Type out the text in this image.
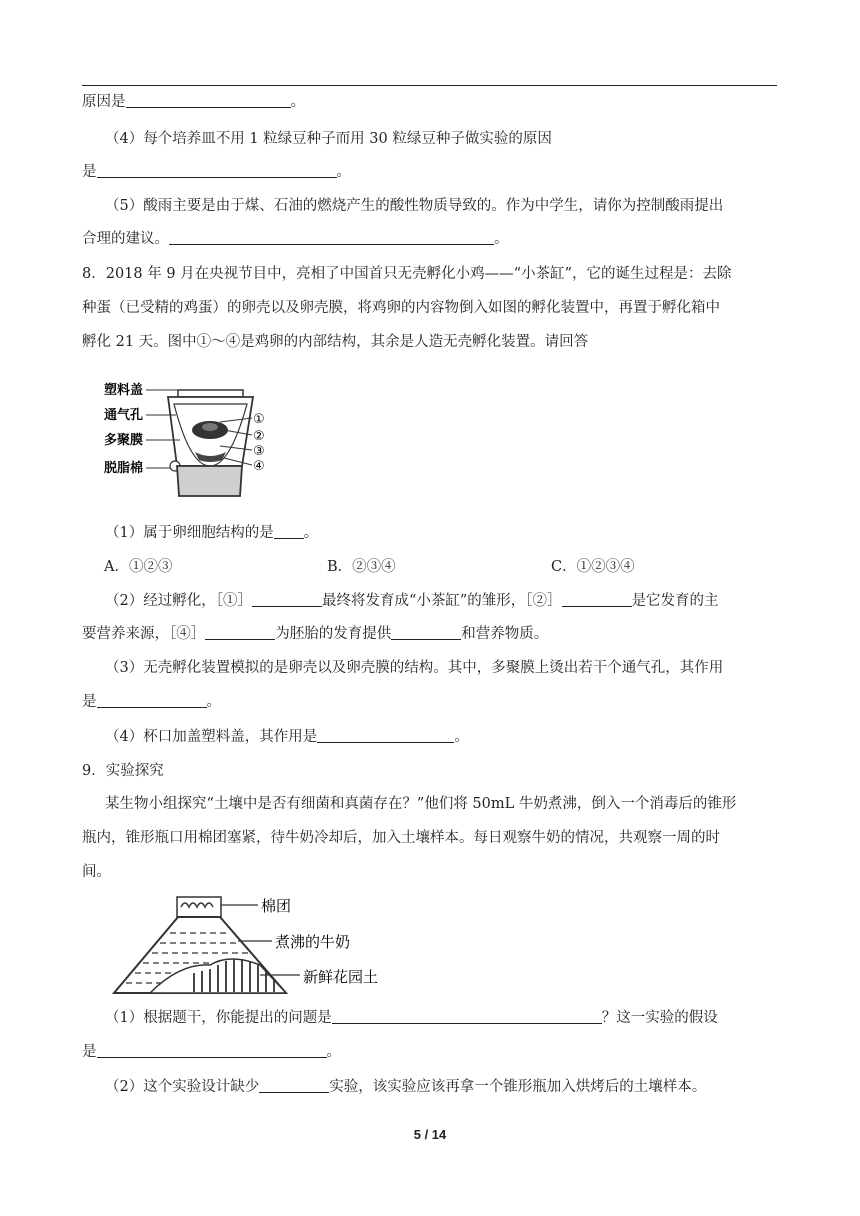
原因是	。
（4）每个培养皿不用 1 粒绿豆种子而用 30 粒绿豆种子做实验的原因
是	。
（5）酸雨主要是由于煤、石油的燃烧产生的酸性物质导致的。作为中学生，请你为控制酸雨提出
合理的建议。	。
8．2018 年 9 月在央视节目中，亮相了中国首只无壳孵化小鸡——“小茶缸”，它的诞生过程是：去除
种蛋（已受精的鸡蛋）的卵壳以及卵壳膜，将鸡卵的内容物倒入如图的孵化装置中，再置于孵化箱中
孵化 21 天。图中①～④是鸡卵的内部结构，其余是人造无壳孵化装置。请回答
塑料盖
通气孔
多聚膜
脱脂棉
①
②
③
④
（1）属于卵细胞结构的是 。
A．①②③	B．②③④	C．①②③④
（2）经过孵化，［①］	最终将发育成“小茶缸”的雏形，［②］	是它发育的主
要营养来源，［④］	为胚胎的发育提供	和营养物质。
（3）无壳孵化装置模拟的是卵壳以及卵壳膜的结构。其中，多聚膜上烫出若干个通气孔，其作用
是	。
（4）杯口加盖塑料盖，其作用是	。
9．实验探究
某生物小组探究“土壤中是否有细菌和真菌存在？”他们将 50mL 牛奶煮沸，倒入一个消毒后的锥形
瓶内，锥形瓶口用棉团塞紧，待牛奶冷却后，加入土壤样本。每日观察牛奶的情况，共观察一周的时
间。
棉团
煮沸的牛奶
新鲜花园土
（1）根据题干，你能提出的问题是	？这一实验的假设
是	。
（2）这个实验设计缺少	实验，该实验应该再拿一个锥形瓶加入烘烤后的土壤样本。
5 / 14
